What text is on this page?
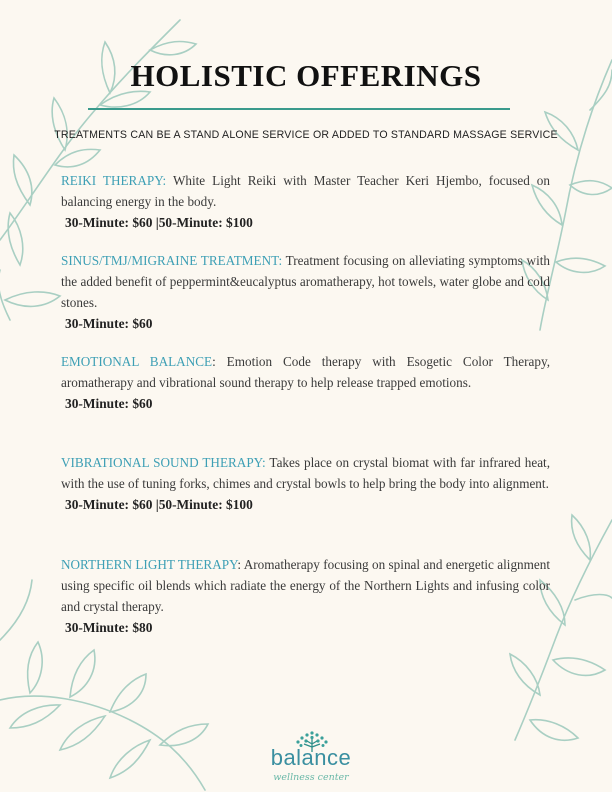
HOLISTIC OFFERINGS
TREATMENTS CAN BE A STAND ALONE SERVICE OR ADDED TO STANDARD MASSAGE SERVICE

REIKI THERAPY: White Light Reiki with Master Teacher Keri Hjembo, focused on balancing energy in the body.

30-Minute: $60 |50-Minute: $100

SINUS/TMJ/MIGRAINE TREATMENT: Treatment focusing on alleviating symptoms with the added benefit of peppermint&eucalyptus aromatherapy, hot towels, water globe and cold stones.

30-Minute: $60

EMOTIONAL BALANCE: Emotion Code therapy with Esogetic Color Therapy, aromatherapy and vibrational sound therapy to help release trapped emotions.

30-Minute: $60

VIBRATIONAL SOUND THERAPY: Takes place on crystal biomat with far infrared heat, with the use of tuning forks, chimes and crystal bowls to help bring the body into alignment.

30-Minute: $60 |50-Minute: $100

NORTHERN LIGHT THERAPY: Aromatherapy focusing on spinal and energetic alignment using specific oil blends which radiate the energy of the Northern Lights and infusing color and crystal therapy.

30-Minute: $80

balance
wellness center
